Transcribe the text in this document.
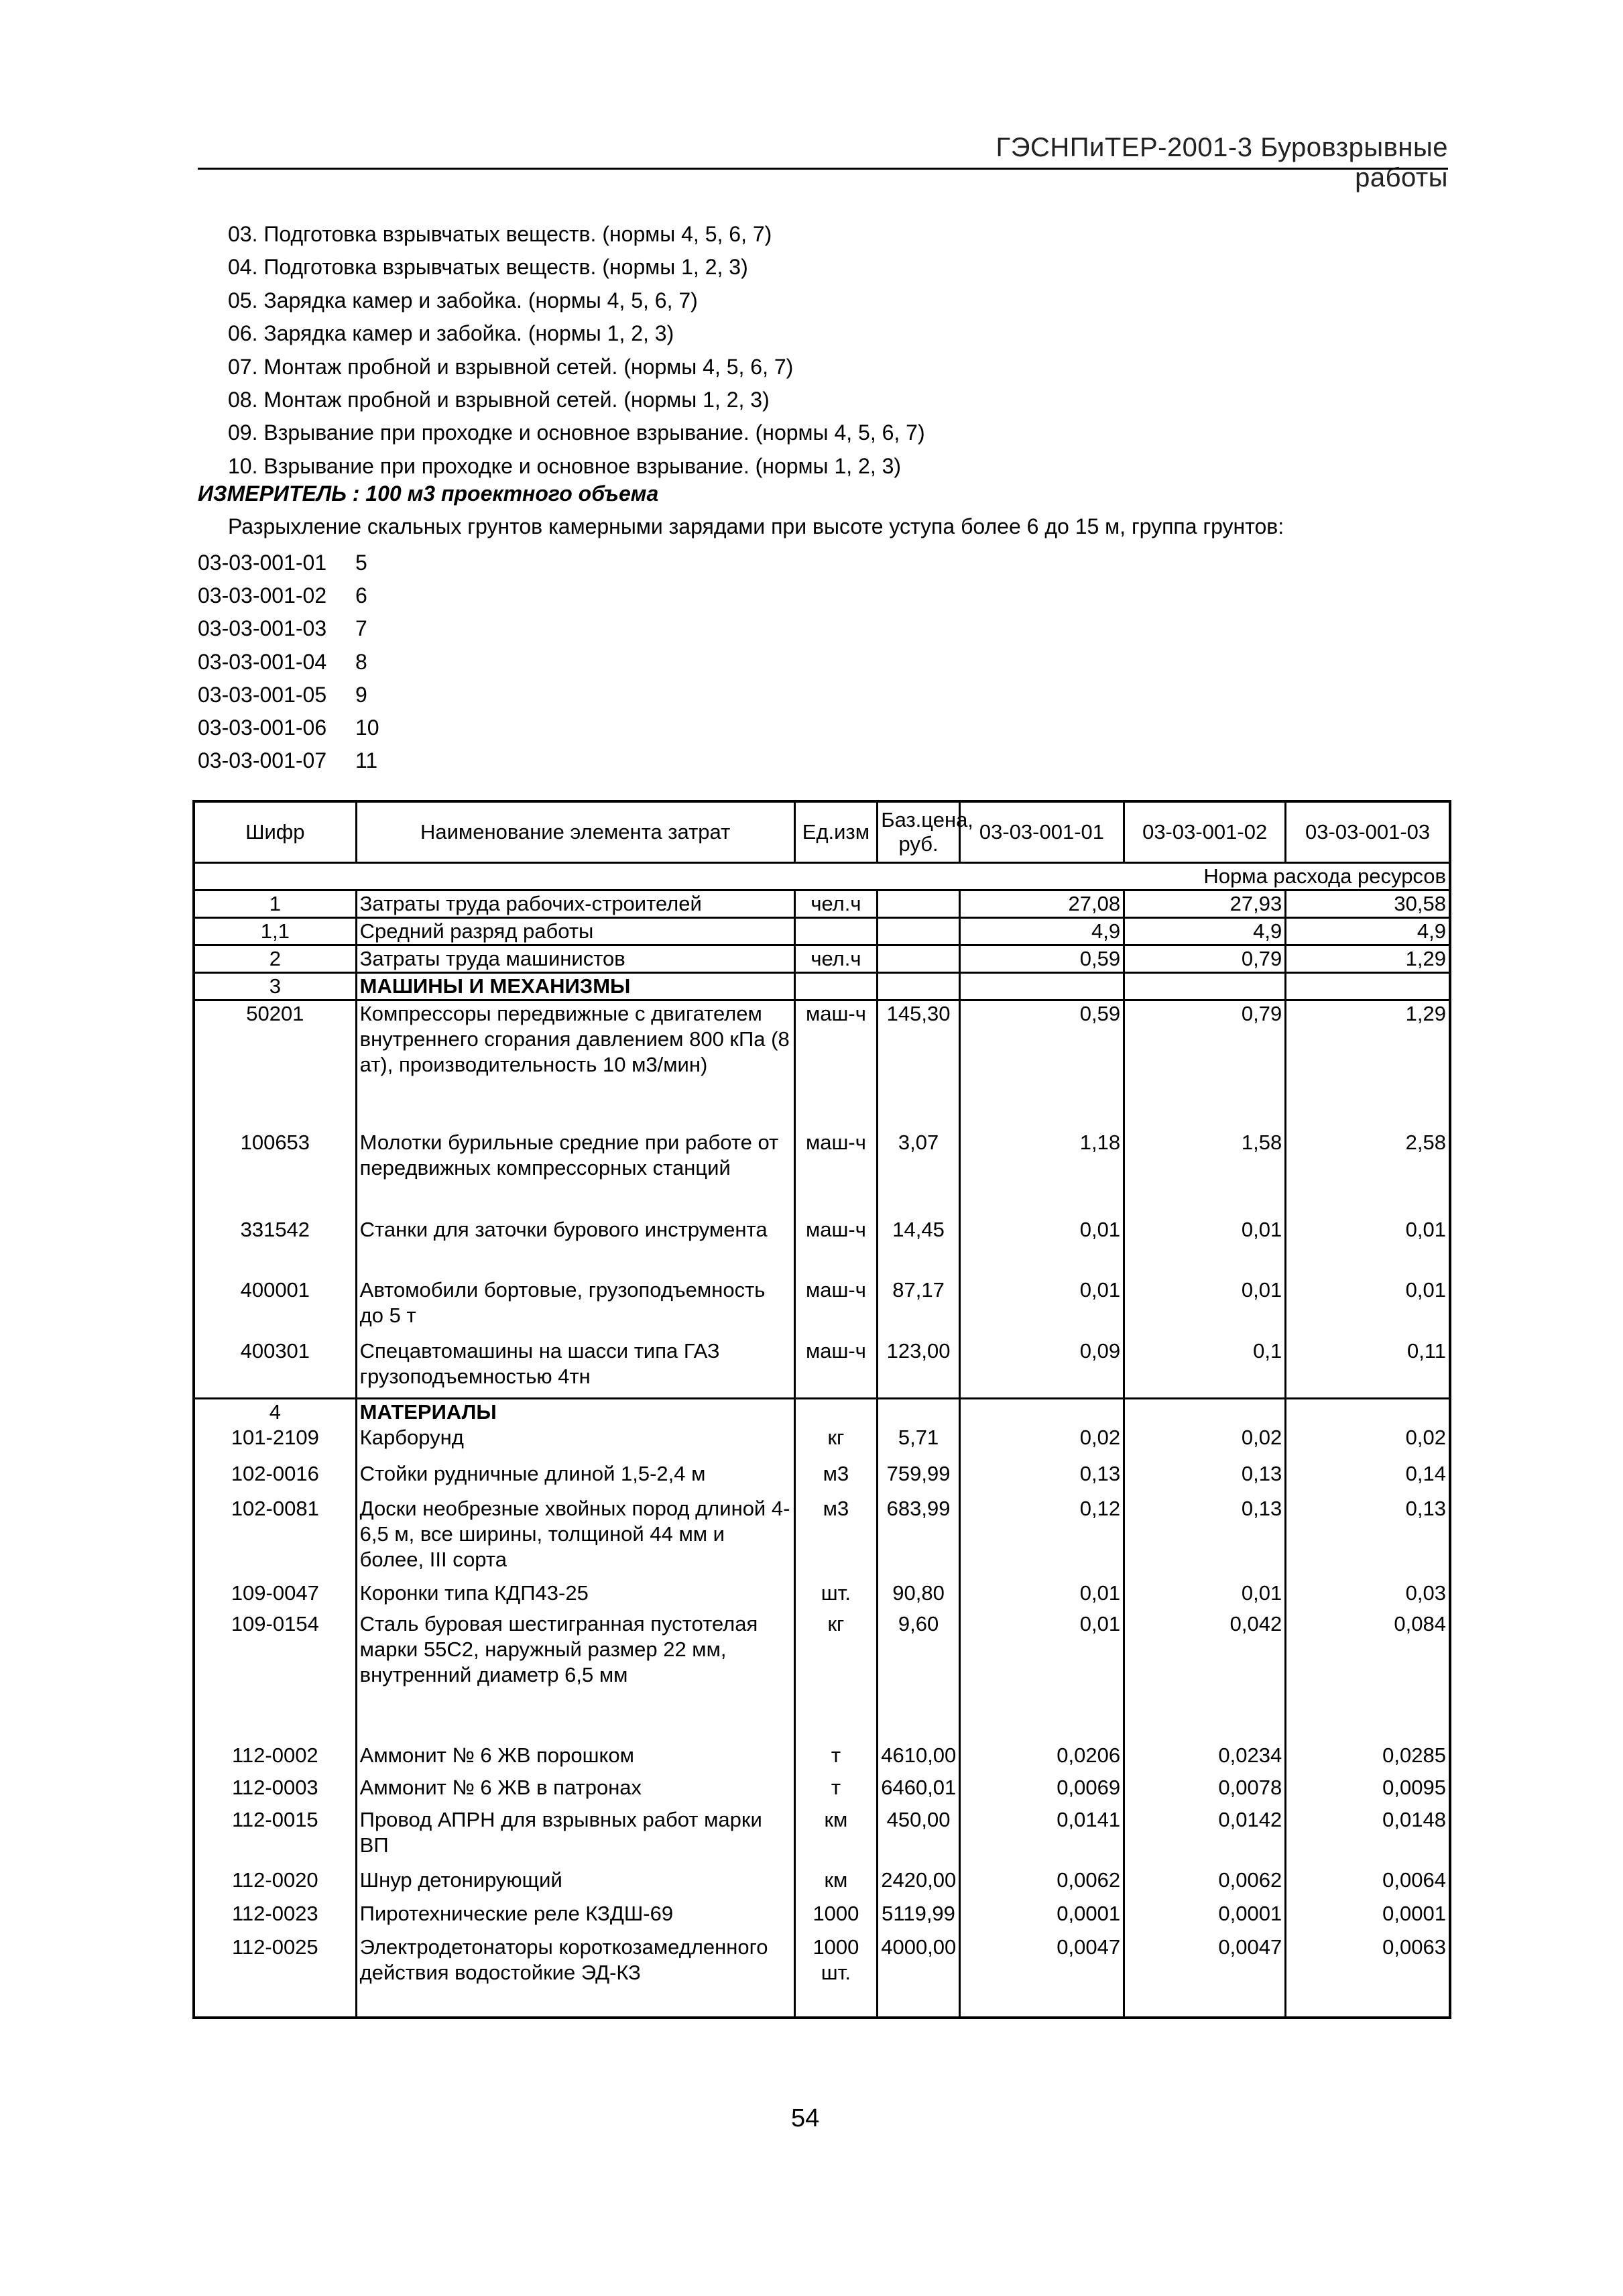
ГЭСНПиТЕР-2001-3 Буровзрывные работы
03. Подготовка взрывчатых веществ. (нормы 4, 5, 6, 7)
04. Подготовка взрывчатых веществ. (нормы 1, 2, 3)
05. Зарядка камер и забойка. (нормы 4, 5, 6, 7)
06. Зарядка камер и забойка. (нормы 1, 2, 3)
07. Монтаж пробной и взрывной сетей. (нормы 4, 5, 6, 7)
08. Монтаж пробной и взрывной сетей. (нормы 1, 2, 3)
09. Взрывание при проходке и основное взрывание. (нормы 4, 5, 6, 7)
10. Взрывание при проходке и основное взрывание. (нормы 1, 2, 3)
ИЗМЕРИТЕЛЬ : 100 м3 проектного объема
Разрыхление скальных грунтов камерными зарядами при высоте уступа более 6 до 15 м, группа грунтов:
03-03-001-01	5
03-03-001-02	6
03-03-001-03	7
03-03-001-04	8
03-03-001-05	9
03-03-001-06	10
03-03-001-07	11
Шифр	Наименование элемента затрат	Ед.изм	Баз.цена, руб.	03-03-001-01	03-03-001-02	03-03-001-03
Норма расхода ресурсов						
1	Затраты труда рабочих-строителей	чел.ч		27,08	27,93	30,58
1,1	Средний разряд работы			4,9	4,9	4,9
2	Затраты труда машинистов	чел.ч		0,59	0,79	1,29
3	МАШИНЫ И МЕХАНИЗМЫ					
50201	Компрессоры передвижные с двигателем внутреннего сгорания давлением 800 кПа (8 ат), производительность 10 м3/мин)	маш-ч	145,30	0,59	0,79	1,29
100653	Молотки бурильные средние при работе от передвижных компрессорных станций	маш-ч	3,07	1,18	1,58	2,58
331542	Станки для заточки бурового инструмента	маш-ч	14,45	0,01	0,01	0,01
400001	Автомобили бортовые, грузоподъемность до 5 т	маш-ч	87,17	0,01	0,01	0,01
400301	Спецавтомашины на шасси типа ГАЗ грузоподъемностью 4тн	маш-ч	123,00	0,09	0,1	0,11
4	МАТЕРИАЛЫ					
101-2109	Карборунд	кг	5,71	0,02	0,02	0,02
102-0016	Стойки рудничные длиной 1,5-2,4 м	м3	759,99	0,13	0,13	0,14
102-0081	Доски необрезные хвойных пород длиной 4-6,5 м, все ширины, толщиной 44 мм и более, III сорта	м3	683,99	0,12	0,13	0,13
109-0047	Коронки типа КДП43-25	шт.	90,80	0,01	0,01	0,03
109-0154	Сталь буровая шестигранная пустотелая марки 55С2, наружный размер 22 мм, внутренний диаметр 6,5 мм	кг	9,60	0,01	0,042	0,084
112-0002	Аммонит № 6 ЖВ порошком	т	4610,00	0,0206	0,0234	0,0285
112-0003	Аммонит № 6 ЖВ в патронах	т	6460,01	0,0069	0,0078	0,0095
112-0015	Провод АПРН для взрывных работ марки ВП	км	450,00	0,0141	0,0142	0,0148
112-0020	Шнур детонирующий	км	2420,00	0,0062	0,0062	0,0064
112-0023	Пиротехнические реле КЗДШ-69	1000	5119,99	0,0001	0,0001	0,0001
112-0025	Электродетонаторы короткозамедленного действия водостойкие ЭД-КЗ	1000 шт.	4000,00	0,0047	0,0047	0,0063
54
